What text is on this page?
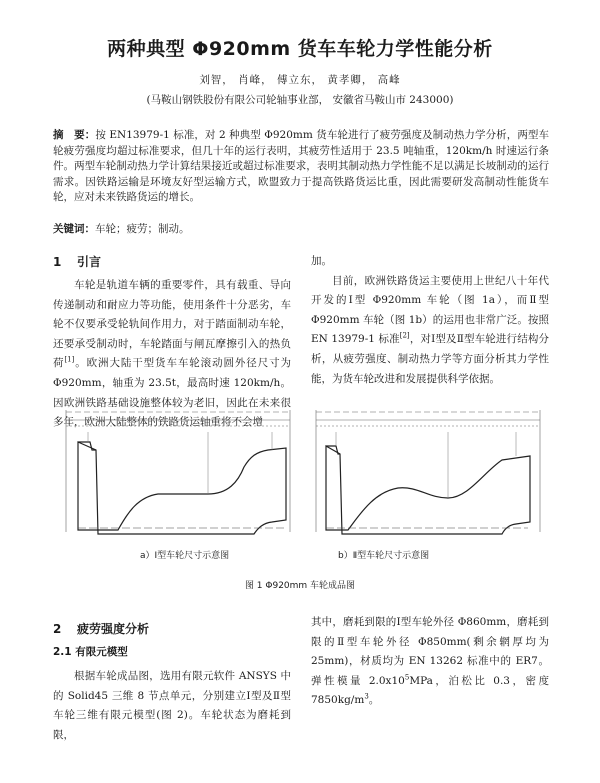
两种典型 Φ920mm 货车车轮力学性能分析
刘智， 肖峰， 傅立东， 黄孝卿， 高峰
(马鞍山钢铁股份有限公司轮轴事业部， 安徽省马鞍山市 243000)
摘　要：按 EN13979-1 标准，对 2 种典型 Φ920mm 货车轮进行了疲劳强度及制动热力学分析，两型车轮疲劳强度均超过标准要求，但几十年的运行表明，其疲劳性适用于 23.5 吨轴重，120km/h 时速运行条件。两型车轮制动热力学计算结果接近或超过标准要求，表明其制动热力学性能不足以满足长坡制动的运行需求。因铁路运输是环境友好型运输方式，欧盟致力于提高铁路货运比重，因此需要研发高制动性能货车轮，应对未来铁路货运的增长。
关键词：车轮；疲劳；制动。
1 引言

车轮是轨道车辆的重要零件，具有载重、导向传递制动和耐应力等功能，使用条件十分恶劣，车轮不仅要承受轮轨间作用力，对于踏面制动车轮，还要承受制动时，车轮踏面与闸瓦摩擦引入的热负荷[1]。欧洲大陆干型货车车轮滚动圆外径尺寸为 Φ920mm，轴重为 23.5t，最高时速 120km/h。因欧洲铁路基础设施整体较为老旧，因此在未来很多年，欧洲大陆整体的铁路货运轴重将不会增

加。

目前，欧洲铁路货运主要使用上世纪八十年代开发的Ⅰ型 Φ920mm 车轮（图 1a），而Ⅱ型Φ920mm 车轮（图 1b）的运用也非常广泛。按照 EN 13979-1 标准[2]，对Ⅰ型及Ⅱ型车轮进行结构分析，从疲劳强度、制动热力学等方面分析其力学性能，为货车轮改进和发展提供科学依据。

a）Ⅰ型车轮尺寸示意图	b）Ⅱ型车轮尺寸示意图
图 1 Φ920mm 车轮成品图
2 疲劳强度分析
2.1 有限元模型

根据车轮成品图，选用有限元软件 ANSYS 中的 Solid45 三维 8 节点单元，分别建立Ⅰ型及Ⅱ型车轮三维有限元模型(图 2)。车轮状态为磨耗到限，

其中，磨耗到限的Ⅰ型车轮外径 Φ860mm，磨耗到限的Ⅱ型车轮外径 Φ850mm(剩余辋厚均为 25mm)，材质均为 EN 13262 标准中的 ER7。弹性模量 $2.0x10^5MPa$，泊松比 0.3，密度 $7850kg/m^3$。
